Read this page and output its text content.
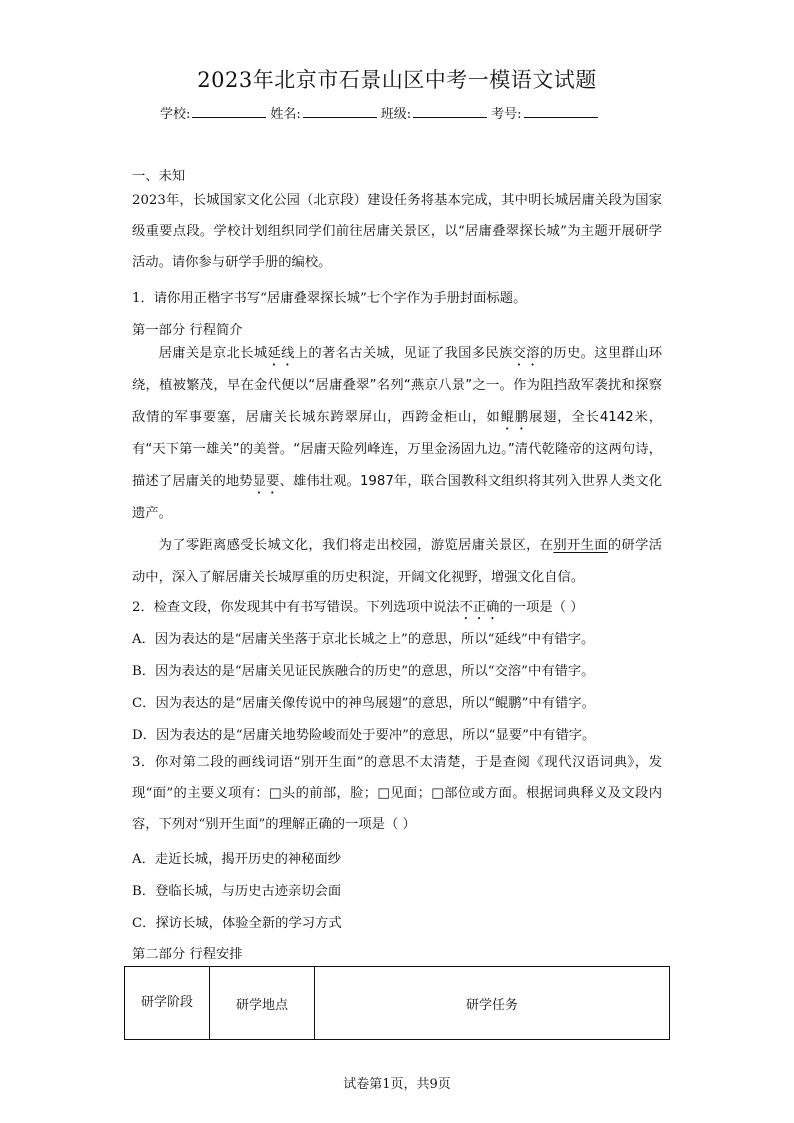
2023年北京市石景山区中考一模语文试题
学校:	姓名:	班级:	考号:
一、未知
2023年，长城国家文化公园（北京段）建设任务将基本完成，其中明长城居庸关段为国家级重要点段。学校计划组织同学们前往居庸关景区，以“居庸叠翠探长城”为主题开展研学活动。请你参与研学手册的编校。
1．请你用正楷字书写“居庸叠翠探长城”七个字作为手册封面标题。
第一部分 行程简介
居庸关是京北长城延线上的著名古关城，见证了我国多民族交溶的历史。这里群山环绕，植被繁茂，早在金代便以“居庸叠翠”名列“燕京八景”之一。作为阻挡敌军袭扰和探察敌情的军事要塞，居庸关长城东跨翠屏山，西跨金柜山，如鲲鹏展翅，全长4142米，有“天下第一雄关”的美誉。“居庸天险列峰连，万里金汤固九边。”清代乾隆帝的这两句诗，描述了居庸关的地势显要、雄伟壮观。1987年，联合国教科文组织将其列入世界人类文化遗产。
为了零距离感受长城文化，我们将走出校园，游览居庸关景区，在别开生面的研学活动中，深入了解居庸关长城厚重的历史积淀，开阔文化视野，增强文化自信。
2．检查文段，你发现其中有书写错误。下列选项中说法不正确的一项是（ ）
A．因为表达的是“居庸关坐落于京北长城之上”的意思，所以“延线”中有错字。
B．因为表达的是“居庸关见证民族融合的历史”的意思，所以“交溶”中有错字。
C．因为表达的是“居庸关像传说中的神鸟展翅”的意思，所以“鲲鹏”中有错字。
D．因为表达的是“居庸关地势险峻而处于要冲”的意思，所以“显要”中有错字。
3．你对第二段的画线词语“别开生面”的意思不太清楚，于是查阅《现代汉语词典》，发现“面”的主要义项有：□头的前部，脸；□见面；□部位或方面。根据词典释义及文段内容，下列对“别开生面”的理解正确的一项是（ ）
A．走近长城，揭开历史的神秘面纱
B．登临长城，与历史古迹亲切会面
C．探访长城，体验全新的学习方式
第二部分 行程安排
研学阶段	研学地点	研学任务
试卷第1页，共9页
